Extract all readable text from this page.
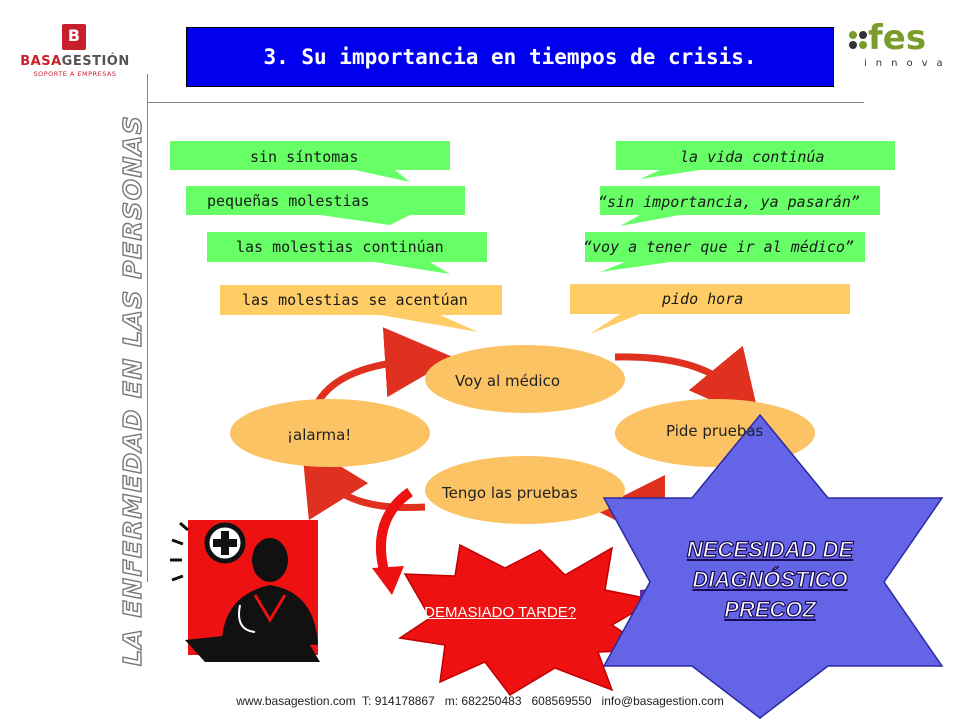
B
BASAGESTIÓN
SOPORTE A EMPRESAS
fes
innova
3. Su importancia en tiempos de crisis.
LA ENFERMEDAD EN LAS PERSONAS	sin síntomas
pequeñas molestias
las molestias continúan
las molestias se acentúan
la vida continúa
“sin importancia, ya pasarán”
“voy a tener que ir al médico”
pido hora
Voy al médico
Pide pruebas
Tengo las pruebas
¡alarma!
¿DEMASIADO TARDE?
NECESIDAD DE
DIAGNÓSTICO
PRECOZ
www.basagestion.com  T: 914178867   m: 682250483   608569550   info@basagestion.com
